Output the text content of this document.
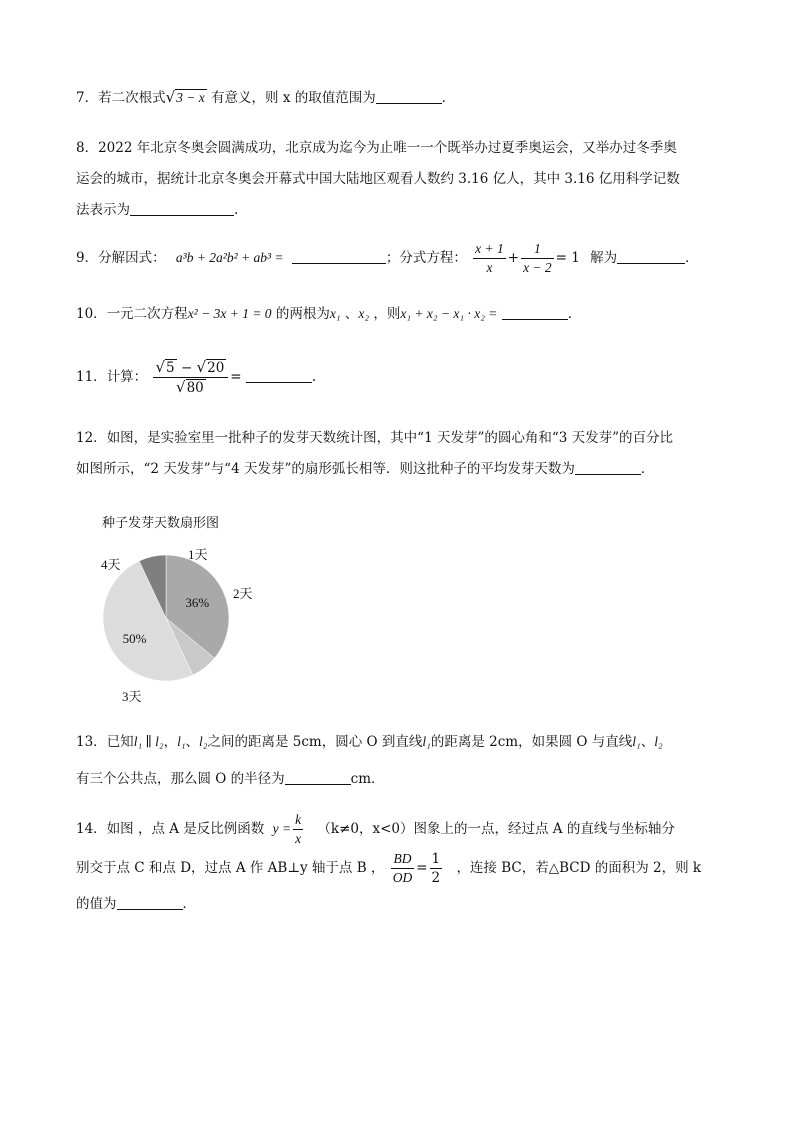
7．若二次根式√3 − x 有意义，则 x 的取值范围为	．
8．2022 年北京冬奥会圆满成功，北京成为迄今为止唯一一个既举办过夏季奥运会，又举办过冬季奥
运会的城市，据统计北京冬奥会开幕式中国大陆地区观看人数约 3.16 亿人，其中 3.16 亿用科学记数
法表示为	.
9．分解因式： a³b + 2a²b² + ab³ =	；分式方程： $\frac{x + 1}{x} + \frac{1}{x - 2} = 1$ 解为	．
10．一元二次方程x² − 3x + 1 = 0 的两根为x₁ 、x₂ ，则x₁ + x₂ − x₁ · x₂ =	．
11．计算： $\frac{√5 - √20}{√80}$ =	.
12．如图，是实验室里一批种子的发芽天数统计图，其中“1 天发芽”的圆心角和“3 天发芽”的百分比
如图所示，“2 天发芽”与“4 天发芽”的扇形弧长相等．则这批种子的平均发芽天数为	．
种子发芽天数扇形图
36%
1天
2天
50%
3天
4天
13．已知l₁ ∥ l₂，l₁、l₂之间的距离是 5cm，圆心 O 到直线l₁的距离是 2cm，如果圆 O 与直线l₁、l₂
有三个公共点，那么圆 O 的半径为	cm．
14．如图 ，点 A 是反比例函数 $y = \frac{k}{x} (k\ne 0$，x<0）图象上的一点，经过点 A 的直线与坐标轴分
别交于点 C 和点 D，过点 A 作 AB⊥y 轴于点 B ， $\frac{BD}{OD} = \frac{1}{2}$ ，连接 BC，若△BCD 的面积为 2，则 k
的值为	．
